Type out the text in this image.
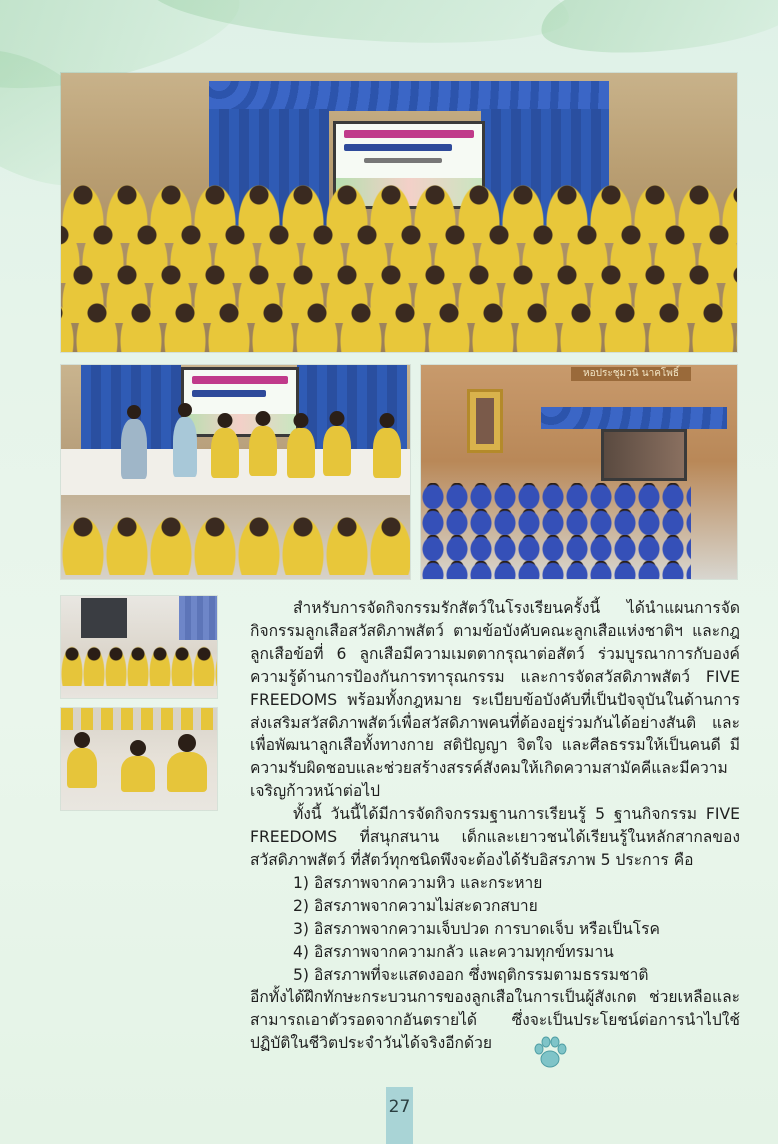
หอประชุมวนิ นาคโพธิ์

สำหรับการจัดกิจกรรมรักสัตว์ในโรงเรียนครั้งนี้ ได้นำแผนการจัดกิจกรรมลูกเสือสวัสดิภาพสัตว์ ตามข้อบังคับคณะลูกเสือแห่งชาติฯ และกฎลูกเสือข้อที่ 6 ลูกเสือมีความเมตตากรุณาต่อสัตว์ ร่วมบูรณาการกับองค์ความรู้ด้านการป้องกันการทารุณกรรม และการจัดสวัสดิภาพสัตว์ FIVE FREEDOMS พร้อมทั้งกฎหมาย ระเบียบข้อบังคับที่เป็นปัจจุบันในด้านการส่งเสริมสวัสดิภาพสัตว์เพื่อสวัสดิภาพคนที่ต้องอยู่ร่วมกันได้อย่างสันติ และเพื่อพัฒนาลูกเสือทั้งทางกาย สติปัญญา จิตใจ และศีลธรรมให้เป็นคนดี มีความรับผิดชอบและช่วยสร้างสรรค์สังคมให้เกิดความสามัคคีและมีความเจริญก้าวหน้าต่อไป

ทั้งนี้ วันนี้ได้มีการจัดกิจกรรมฐานการเรียนรู้ 5 ฐานกิจกรรม FIVE FREEDOMS ที่สนุกสนาน เด็กและเยาวชนได้เรียนรู้ในหลักสากลของสวัสดิภาพสัตว์ ที่สัตว์ทุกชนิดพึงจะต้องได้รับอิสรภาพ 5 ประการ คือ

1) อิสรภาพจากความหิว และกระหาย

2) อิสรภาพจากความไม่สะดวกสบาย

3) อิสรภาพจากความเจ็บปวด การบาดเจ็บ หรือเป็นโรค

4) อิสรภาพจากความกลัว และความทุกข์ทรมาน

5) อิสรภาพที่จะแสดงออก ซึ่งพฤติกรรมตามธรรมชาติ

อีกทั้งได้ฝึกทักษะกระบวนการของลูกเสือในการเป็นผู้สังเกต ช่วยเหลือและสามารถเอาตัวรอดจากอันตรายได้ ซึ่งจะเป็นประโยชน์ต่อการนำไปใช้ปฏิบัติในชีวิตประจำวันได้จริงอีกด้วย

27
